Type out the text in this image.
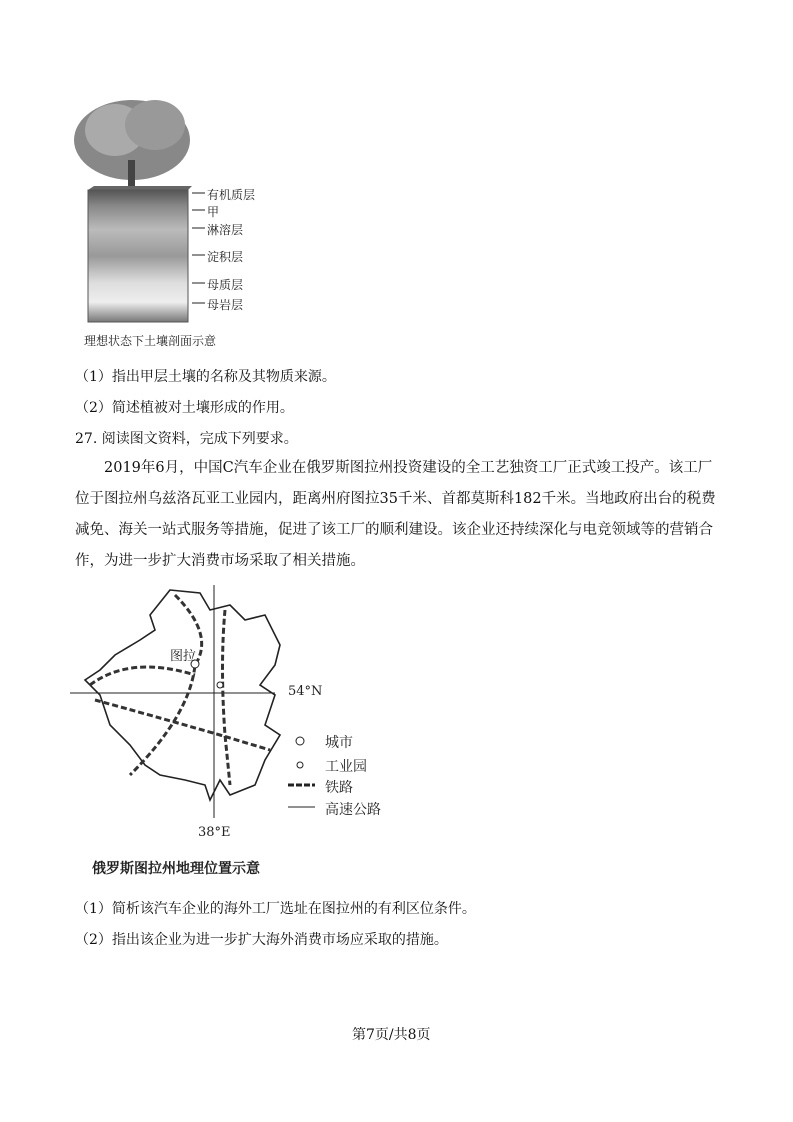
有机质层
甲
淋溶层
淀积层
母质层
母岩层
理想状态下土壤剖面示意
（1）指出甲层土壤的名称及其物质来源。
（2）简述植被对土壤形成的作用。
27. 阅读图文资料，完成下列要求。
2019年6月，中国C汽车企业在俄罗斯图拉州投资建设的全工艺独资工厂正式竣工投产。该工厂位于图拉州乌兹洛瓦亚工业园内，距离州府图拉35千米、首都莫斯科182千米。当地政府出台的税费减免、海关一站式服务等措施，促进了该工厂的顺利建设。该企业还持续深化与电竞领域等的营销合作，为进一步扩大消费市场采取了相关措施。
图拉
54°N
38°E
城市
工业园
铁路
高速公路
俄罗斯图拉州地理位置示意
（1）简析该汽车企业的海外工厂选址在图拉州的有利区位条件。
（2）指出该企业为进一步扩大海外消费市场应采取的措施。
第7页/共8页
